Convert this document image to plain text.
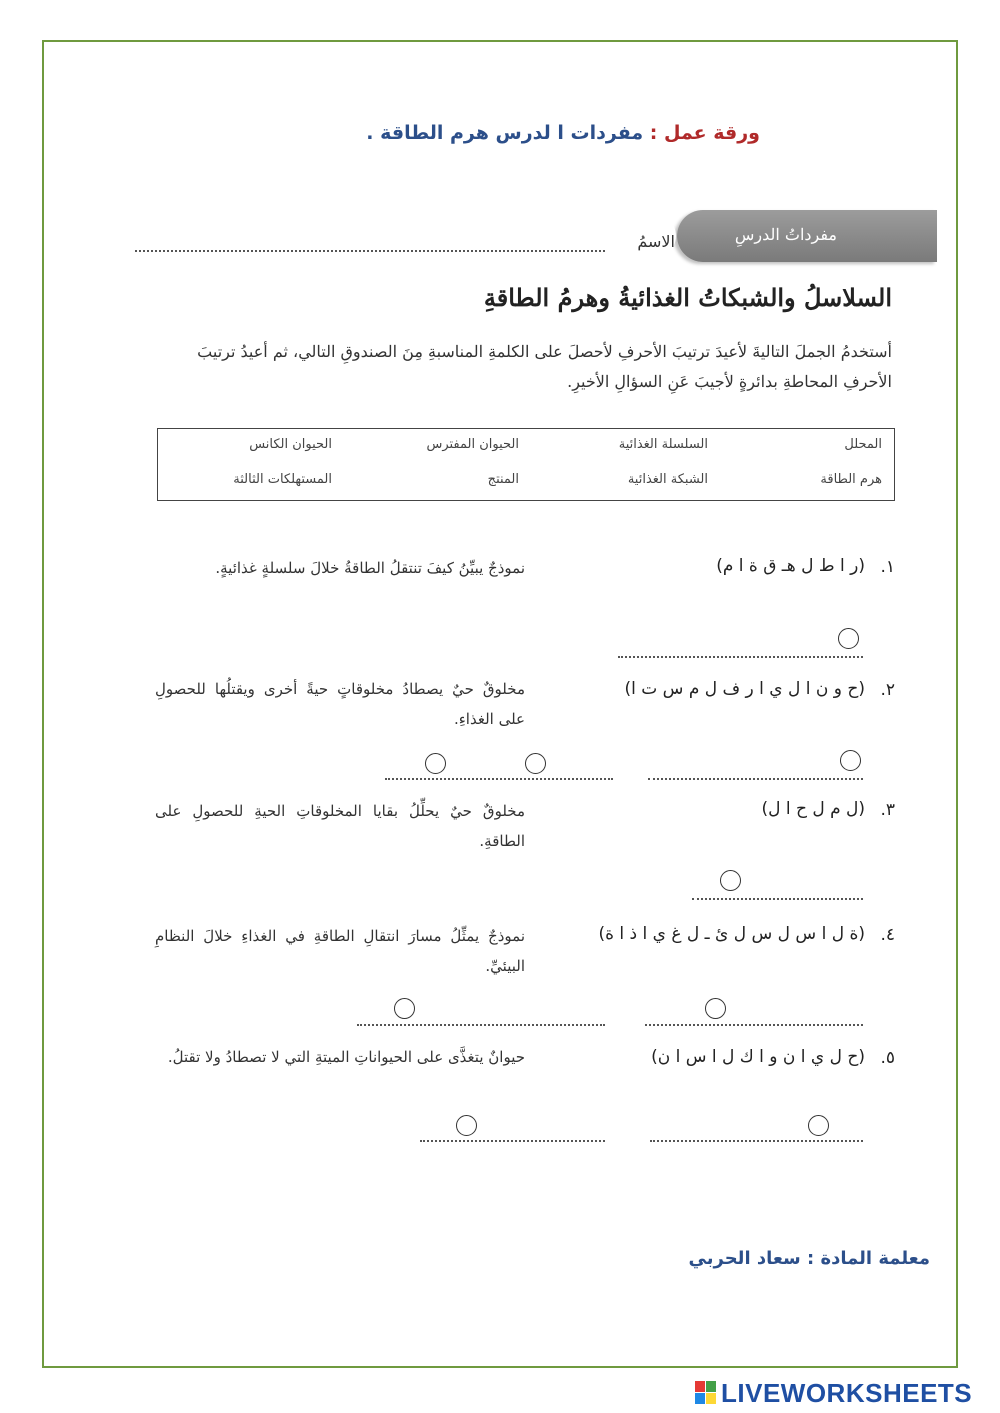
ورقة عمل : مفردات ا لدرس هرم الطاقة .
مفرداتُ الدرسِ
الاسمُ
السلاسلُ والشبكاتُ الغذائيةُ وهرمُ الطاقةِ
أستخدمُ الجملَ التاليةَ لأعيدَ ترتيبَ الأحرفِ لأحصلَ على الكلمةِ المناسبةِ مِنَ الصندوقِ التالي، ثم أعيدُ ترتيبَ الأحرفِ المحاطةِ بدائرةٍ لأجيبَ عَنِ السؤالِ الأخيرِ.
المحلل
السلسلة الغذائية
الحيوان المفترس
الحيوان الكانس
هرم الطاقة
الشبكة الغذائية
المنتج
المستهلكات الثالثة
١.
(ر ا ط ل هـ ق ة ا م)
نموذجٌ يبيِّنُ كيفَ تنتقلُ الطاقةُ خلالَ سلسلةٍ غذائيةٍ.
٢.
(ح و ن ا ل ي ا ر ف ل م س ت ا)
مخلوقٌ حيٌ يصطادُ مخلوقاتٍ حيةً أخرى ويقتلُها للحصولِ على الغذاءِ.
٣.
(ل م ل ح ا ل)
مخلوقٌ حيٌ يحلِّلُ بقايا المخلوقاتِ الحيةِ للحصولِ على الطاقةِ.
٤.
(ة ل ا س ل س ل ئ ـ ل غ ي ا ذ ا ة)
نموذجٌ يمثِّلُ مسارَ انتقالِ الطاقةِ في الغذاءِ خلالَ النظامِ البيئيِّ.
٥.
(ح ل ي ا ن و ا ك ل ا س ا ن)
حيوانٌ يتغذَّى على الحيواناتِ الميتةِ التي لا تصطادُ ولا تقتلُ.
معلمة المادة : سعاد الحربي
LIVEWORKSHEETS
